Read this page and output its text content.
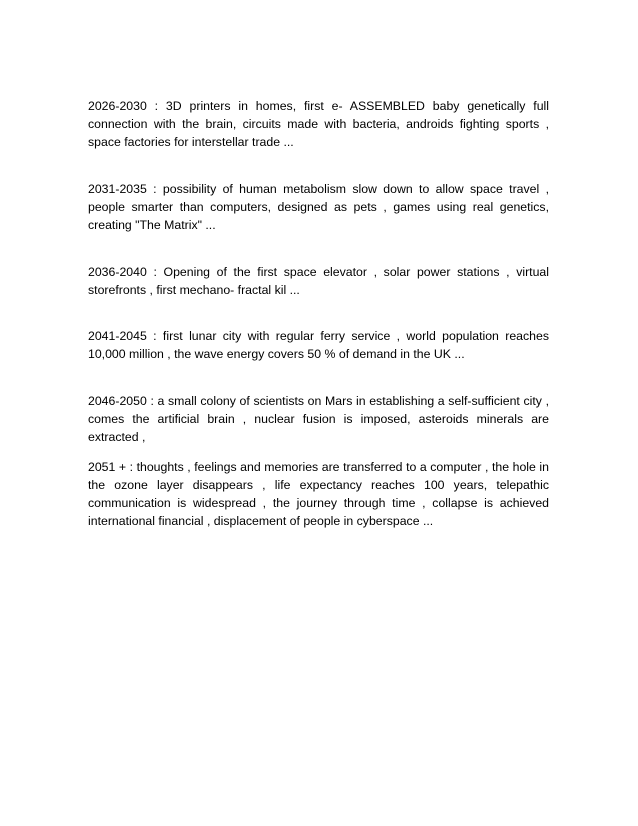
2026-2030 : 3D printers in homes, first e- ASSEMBLED baby genetically full connection with the brain, circuits made with bacteria, androids fighting sports , space factories for interstellar trade ...

2031-2035 : possibility of human metabolism slow down to allow space travel , people smarter than computers, designed as pets , games using real genetics, creating "The Matrix" ...

2036-2040 : Opening of the first space elevator , solar power stations , virtual storefronts , first mechano- fractal kil ...

2041-2045 : first lunar city with regular ferry service , world population reaches 10,000 million , the wave energy covers 50 % of demand in the UK ...

2046-2050 : a small colony of scientists on Mars in establishing a self-sufficient city , comes the artificial brain , nuclear fusion is imposed, asteroids minerals are extracted ,

2051 + : thoughts , feelings and memories are transferred to a computer , the hole in the ozone layer disappears , life expectancy reaches 100 years, telepathic communication is widespread , the journey through time , collapse is achieved international financial , displacement of people in cyberspace ...
